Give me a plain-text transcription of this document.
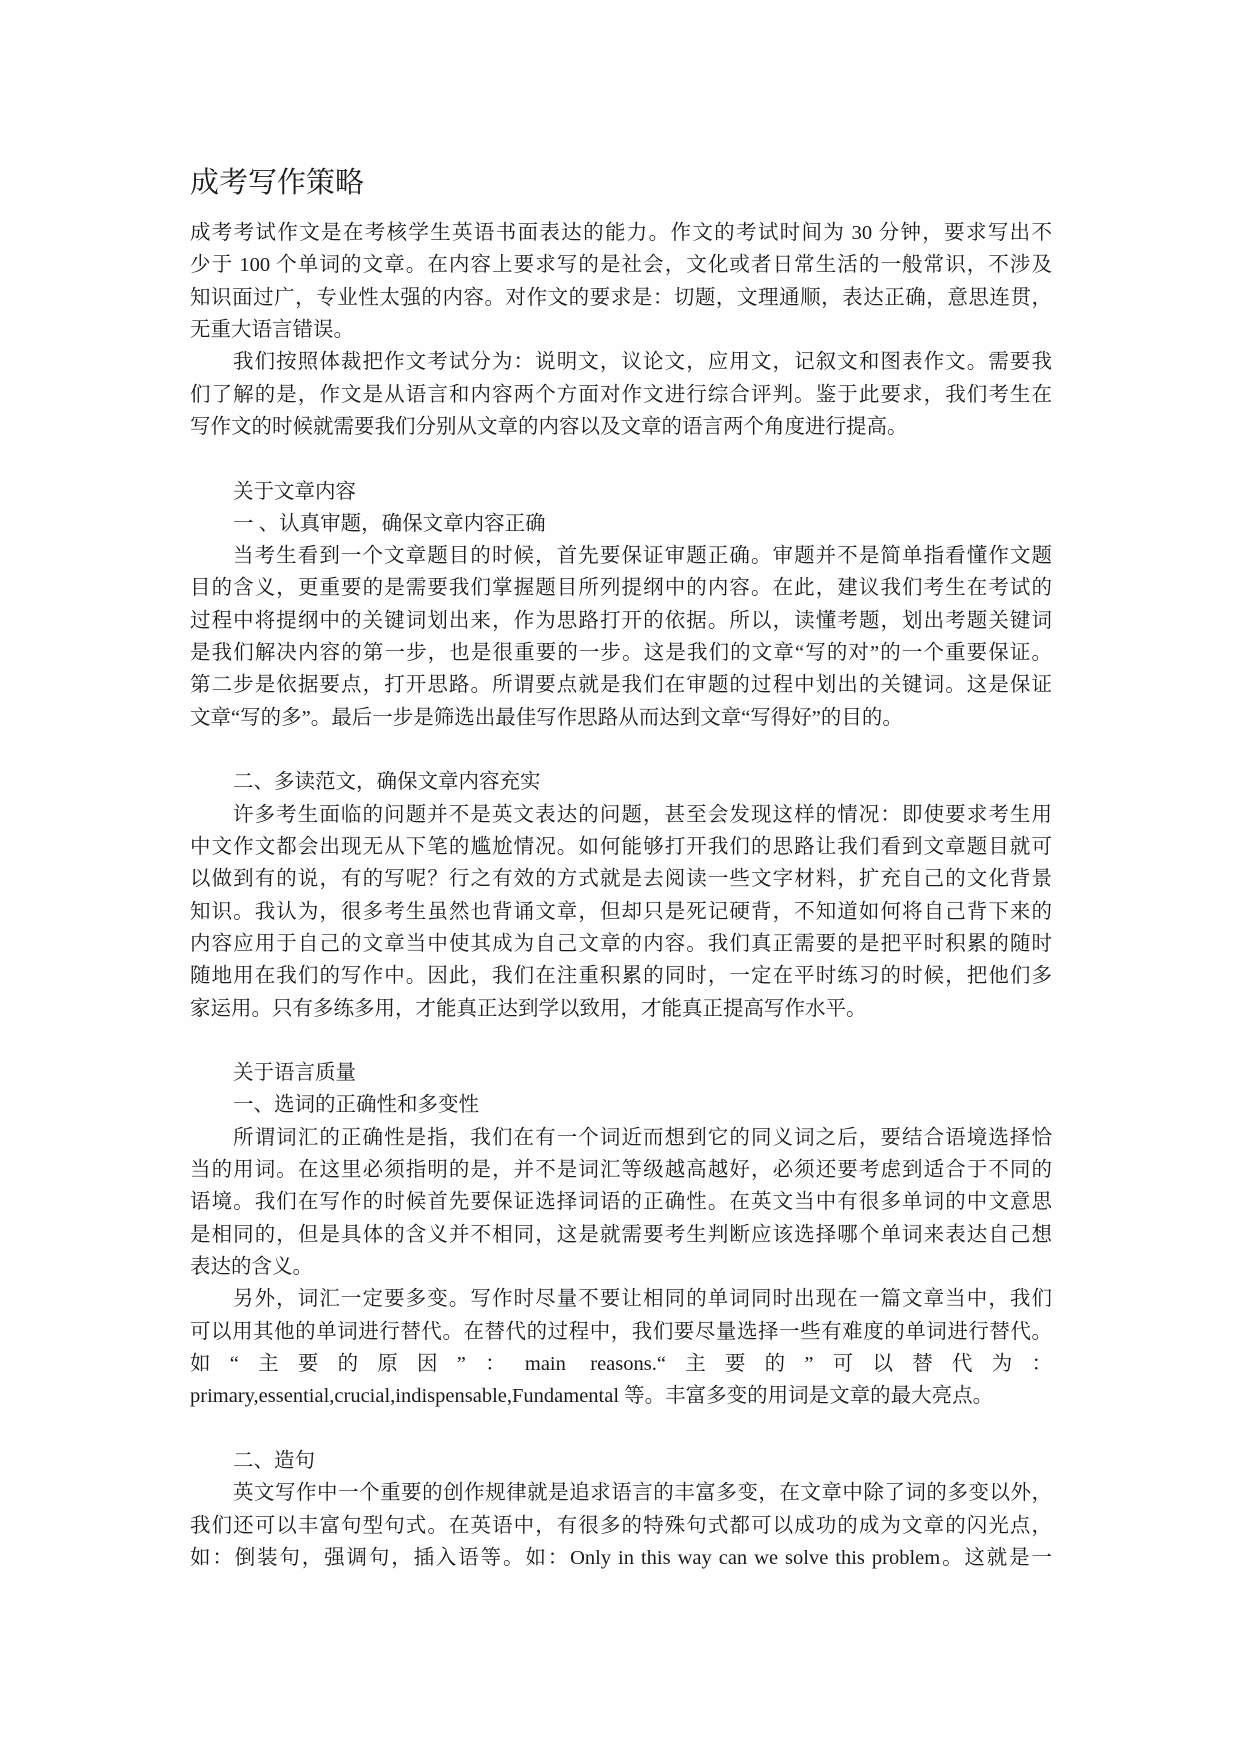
成考写作策略
成考考试作文是在考核学生英语书面表达的能力。作文的考试时间为 30 分钟，要求写出不
少于 100 个单词的文章。在内容上要求写的是社会，文化或者日常生活的一般常识，不涉及
知识面过广，专业性太强的内容。对作文的要求是：切题，文理通顺，表达正确，意思连贯，
无重大语言错误。
我们按照体裁把作文考试分为：说明文，议论文，应用文，记叙文和图表作文。需要我
们了解的是，作文是从语言和内容两个方面对作文进行综合评判。鉴于此要求，我们考生在
写作文的时候就需要我们分别从文章的内容以及文章的语言两个角度进行提高。
关于文章内容
一 、认真审题，确保文章内容正确
当考生看到一个文章题目的时候，首先要保证审题正确。审题并不是简单指看懂作文题
目的含义，更重要的是需要我们掌握题目所列提纲中的内容。在此，建议我们考生在考试的
过程中将提纲中的关键词划出来，作为思路打开的依据。所以，读懂考题，划出考题关键词
是我们解决内容的第一步，也是很重要的一步。这是我们的文章“写的对”的一个重要保证。
第二步是依据要点，打开思路。所谓要点就是我们在审题的过程中划出的关键词。这是保证
文章“写的多”。最后一步是筛选出最佳写作思路从而达到文章“写得好”的目的。
二、多读范文，确保文章内容充实
许多考生面临的问题并不是英文表达的问题，甚至会发现这样的情况：即使要求考生用
中文作文都会出现无从下笔的尴尬情况。如何能够打开我们的思路让我们看到文章题目就可
以做到有的说，有的写呢？行之有效的方式就是去阅读一些文字材料，扩充自己的文化背景
知识。我认为，很多考生虽然也背诵文章，但却只是死记硬背，不知道如何将自己背下来的
内容应用于自己的文章当中使其成为自己文章的内容。我们真正需要的是把平时积累的随时
随地用在我们的写作中。因此，我们在注重积累的同时，一定在平时练习的时候，把他们多
家运用。只有多练多用，才能真正达到学以致用，才能真正提高写作水平。
关于语言质量
一、选词的正确性和多变性
所谓词汇的正确性是指，我们在有一个词近而想到它的同义词之后，要结合语境选择恰
当的用词。在这里必须指明的是，并不是词汇等级越高越好，必须还要考虑到适合于不同的
语境。我们在写作的时候首先要保证选择词语的正确性。在英文当中有很多单词的中文意思
是相同的，但是具体的含义并不相同，这是就需要考生判断应该选择哪个单词来表达自己想
表达的含义。
另外，词汇一定要多变。写作时尽量不要让相同的单词同时出现在一篇文章当中，我们
可以用其他的单词进行替代。在替代的过程中，我们要尽量选择一些有难度的单词进行替代。
如“主要的原因”：main reasons.“主要的”可以替代为：
primary,essential,crucial,indispensable,Fundamental 等。丰富多变的用词是文章的最大亮点。
二、造句
英文写作中一个重要的创作规律就是追求语言的丰富多变，在文章中除了词的多变以外，
我们还可以丰富句型句式。在英语中，有很多的特殊句式都可以成功的成为文章的闪光点，
如：倒装句，强调句，插入语等。如：Only in this way can we solve this problem。这就是一
